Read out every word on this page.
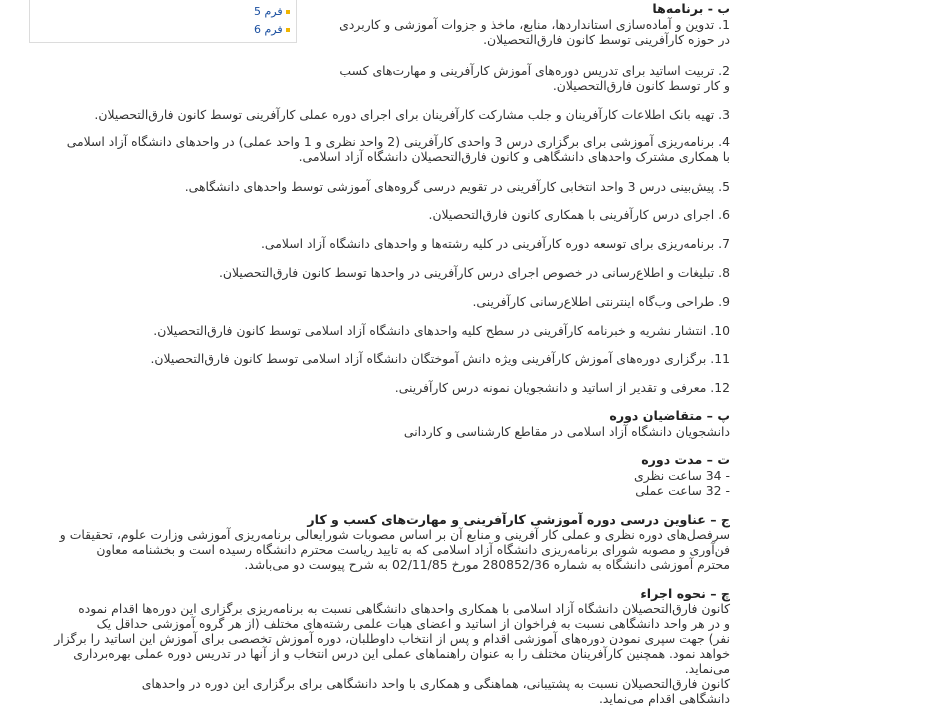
فرم 5
فرم 6
ب - برنامه‌ها
1. تدوین و آماده‌سازی استانداردها، منابع، ماخذ و جزوات آموزشی و کاربردی
در حوزه کارآفرینی توسط کانون فارق‌التحصیلان.
2. تربیت اساتید برای تدریس دوره‌های آموزش کارآفرینی و مهارت‌های کسب
و کار توسط کانون فارق‌التحصیلان.
3. تهیه بانک اطلاعات کارآفرینان و جلب مشارکت کارآفرینان برای اجرای دوره عملی کارآفرینی توسط کانون فارق‌التحصیلان.
4. برنامه‌ریزی آموزشی برای برگزاری درس 3 واحدی کارآفرینی (2 واحد نظری و 1 واحد عملی) در واحدهای دانشگاه آزاد اسلامی
با همکاری مشترک واحدهای دانشگاهی و کانون فارق‌التحصیلان دانشگاه آزاد اسلامی.
5. پیش‌بینی درس 3 واحد انتخابی کارآفرینی در تقویم درسی گروه‌های آموزشی توسط واحدهای دانشگاهی.
6. اجرای درس کارآفرینی با همکاری کانون فارق‌التحصیلان.
7. برنامه‌ریزی برای توسعه دوره کارآفرینی در کلیه رشته‌ها و واحدهای دانشگاه آزاد اسلامی.
8. تبلیغات و اطلاع‌رسانی در خصوص اجرای درس کارآفرینی در واحدها توسط کانون فارق‌التحصیلان.
9. طراحی وب‌گاه اینترنتی اطلاع‌رسانی کارآفرینی.
10. انتشار نشریه و خبرنامه کارآفرینی در سطح کلیه واحدهای دانشگاه آزاد اسلامی توسط کانون فارق‌التحصیلان.
11. برگزاری دوره‌های آموزش کارآفرینی ویژه دانش آموختگان دانشگاه آزاد اسلامی توسط کانون فارق‌التحصیلان.
12. معرفی و تقدیر از اساتید و دانشجویان نمونه درس کارآفرینی.
پ – متقاضیان دوره
دانشجویان دانشگاه آزاد اسلامی در مقاطع کارشناسی و کاردانی
ت – مدت دوره
- 34 ساعت نظری
- 32 ساعت عملی
ج – عناوین درسی دوره آموزشی کارآفرینی و مهارت‌های کسب و کار
سرفصل‌های دوره نظری و عملی کار آفرینی و منابع آن بر اساس مصوبات شورایعالی برنامه‌ریزی آموزشی وزارت علوم، تحقیقات و
فن‌آوری و مصوبه شورای برنامه‌ریزی دانشگاه آزاد اسلامی که به تایید ریاست محترم دانشگاه رسیده است و بخشنامه معاون
محترم آموزشی دانشگاه به شماره 280852/36 مورخ 02/11/85 به شرح پیوست دو می‌باشد.
چ – نحوه اجراء
کانون فارق‌التحصیلان دانشگاه آزاد اسلامی با همکاری واحدهای دانشگاهی نسبت به برنامه‌ریزی برگزاری این دوره‌ها اقدام نموده
و در هر واحد دانشگاهی نسبت به فراخوان از اساتید و اعضای هیات علمی رشته‌های مختلف (از هر گروه آموزشی حداقل یک
نفر) جهت سپری نمودن دوره‌های آموزشی اقدام و پس از انتخاب داوطلبان، دوره آموزش تخصصی برای آموزش این اساتید را برگزار
خواهد نمود. همچنین کارآفرینان مختلف را به عنوان راهنماهای عملی این درس انتخاب و از آنها در تدریس دوره عملی بهره‌برداری
می‌نماید.
کانون فارق‌التحصیلان نسبت به پشتیبانی، هماهنگی و همکاری با واحد دانشگاهی برای برگزاری این دوره در واحدهای
دانشگاهی اقدام می‌نماید.
